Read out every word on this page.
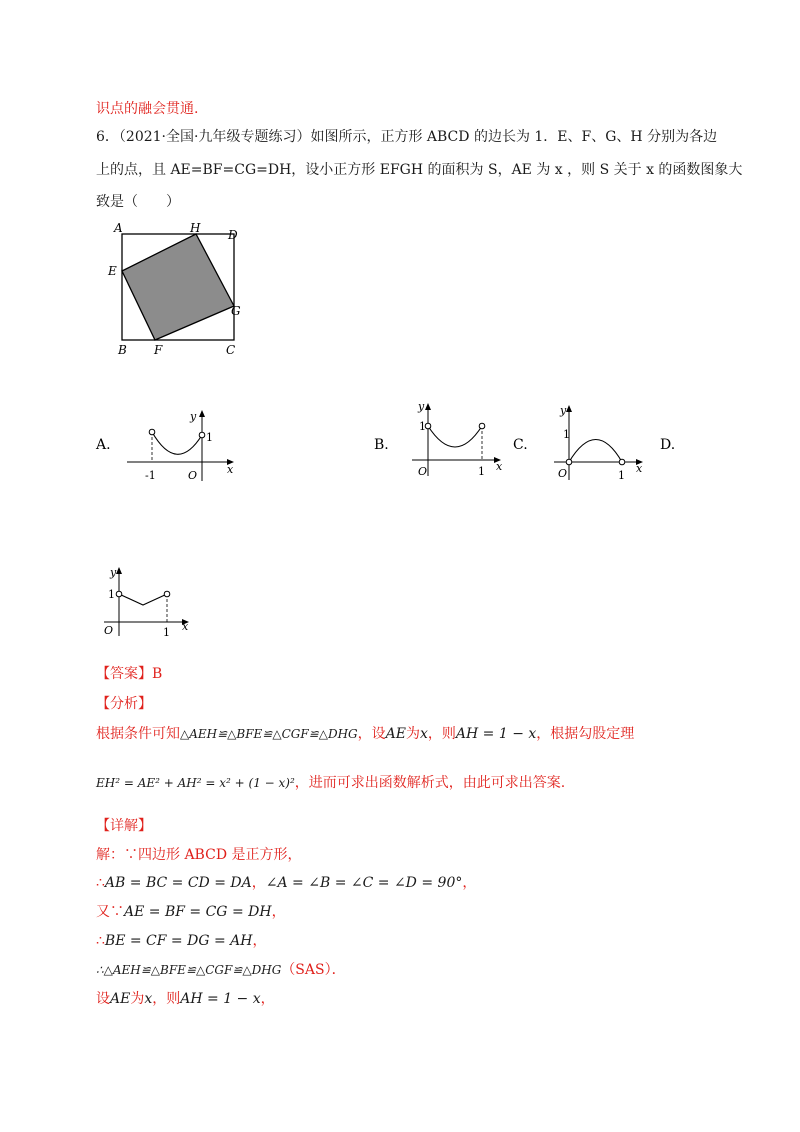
识点的融会贯通.
6．（2021·全国·九年级专题练习）如图所示，正方形 ABCD 的边长为 1．E、F、G、H 分别为各边
上的点，且 AE=BF=CG=DH，设小正方形 EFGH 的面积为 S，AE 为 x ，则 S 关于 x 的函数图象大
致是（　　）
A	H D
E
G
B F	C
A.
y
x
-1	O
1	B.
y
x
1
O	1
C.
y
x
1
O	1
D.
y
x
1
O	1
【答案】B
【分析】
根据条件可知△AEH≌△BFE≌△CGF≌△DHG，设AE为x，则AH = 1 − x，根据勾股定理
EH² = AE² + AH² = x² + (1 − x)²，进而可求出函数解析式，由此可求出答案.
【详解】
解：∵四边形 ABCD 是正方形，
∴AB = BC = CD = DA，∠A = ∠B = ∠C = ∠D = 90°，
又∵AE = BF = CG = DH，
∴BE = CF = DG = AH，
∴△AEH≌△BFE≌△CGF≌△DHG（SAS）．
设AE为x，则AH = 1 − x，
